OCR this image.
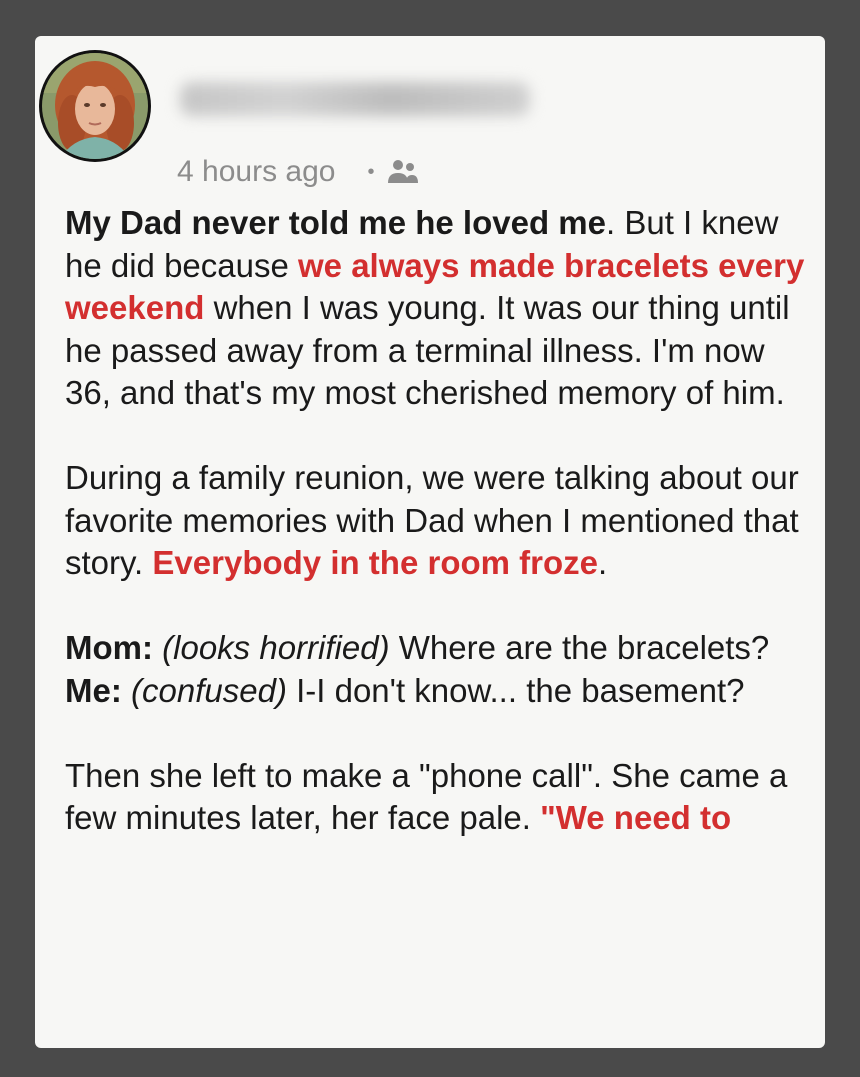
4 hours ago •

My Dad never told me he loved me. But I knew he did because we always made bracelets every weekend when I was young. It was our thing until he passed away from a terminal illness. I'm now 36, and that's my most cherished memory of him.

During a family reunion, we were talking about our favorite memories with Dad when I mentioned that story. Everybody in the room froze.

Mom: (looks horrified) Where are the bracelets?
Me: (confused) I-I don't know... the basement?

Then she left to make a "phone call". She came a few minutes later, her face pale. "We need to
